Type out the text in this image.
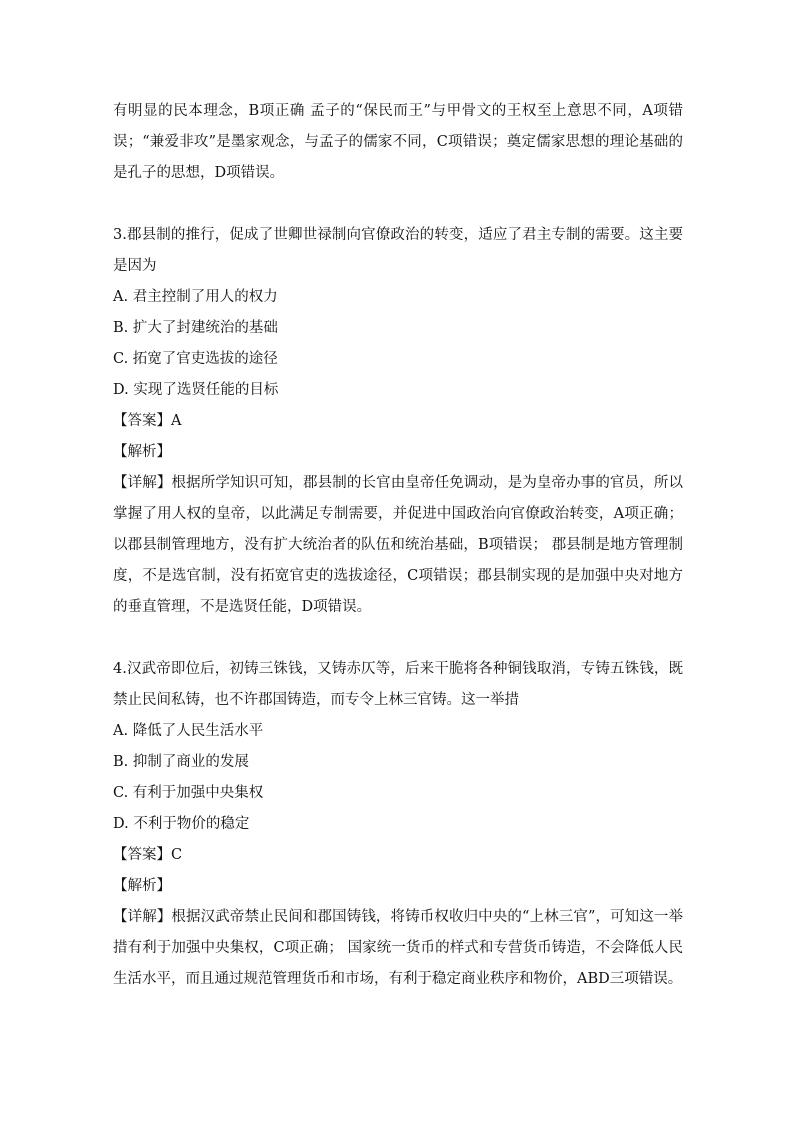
有明显的民本理念，B项正确 孟子的“保民而王”与甲骨文的王权至上意思不同，A项错误；“兼爱非攻”是墨家观念，与孟子的儒家不同，C项错误；奠定儒家思想的理论基础的是孔子的思想，D项错误。

3.郡县制的推行，促成了世卿世禄制向官僚政治的转变，适应了君主专制的需要。这主要是因为

A. 君主控制了用人的权力

B. 扩大了封建统治的基础

C. 拓宽了官吏选拔的途径

D. 实现了选贤任能的目标

【答案】A

【解析】

【详解】根据所学知识可知，郡县制的长官由皇帝任免调动，是为皇帝办事的官员，所以掌握了用人权的皇帝，以此满足专制需要，并促进中国政治向官僚政治转变，A项正确；以郡县制管理地方，没有扩大统治者的队伍和统治基础，B项错误； 郡县制是地方管理制度，不是选官制，没有拓宽官吏的选拔途径，C项错误；郡县制实现的是加强中央对地方的垂直管理，不是选贤任能，D项错误。

4.汉武帝即位后，初铸三铢钱，又铸赤仄等，后来干脆将各种铜钱取消，专铸五铢钱，既禁止民间私铸，也不许郡国铸造，而专令上林三官铸。这一举措

A. 降低了人民生活水平

B. 抑制了商业的发展

C. 有利于加强中央集权

D. 不利于物价的稳定

【答案】C

【解析】

【详解】根据汉武帝禁止民间和郡国铸钱，将铸币权收归中央的“上林三官”，可知这一举措有利于加强中央集权，C项正确； 国家统一货币的样式和专营货币铸造，不会降低人民生活水平，而且通过规范管理货币和市场，有利于稳定商业秩序和物价，ABD三项错误。
